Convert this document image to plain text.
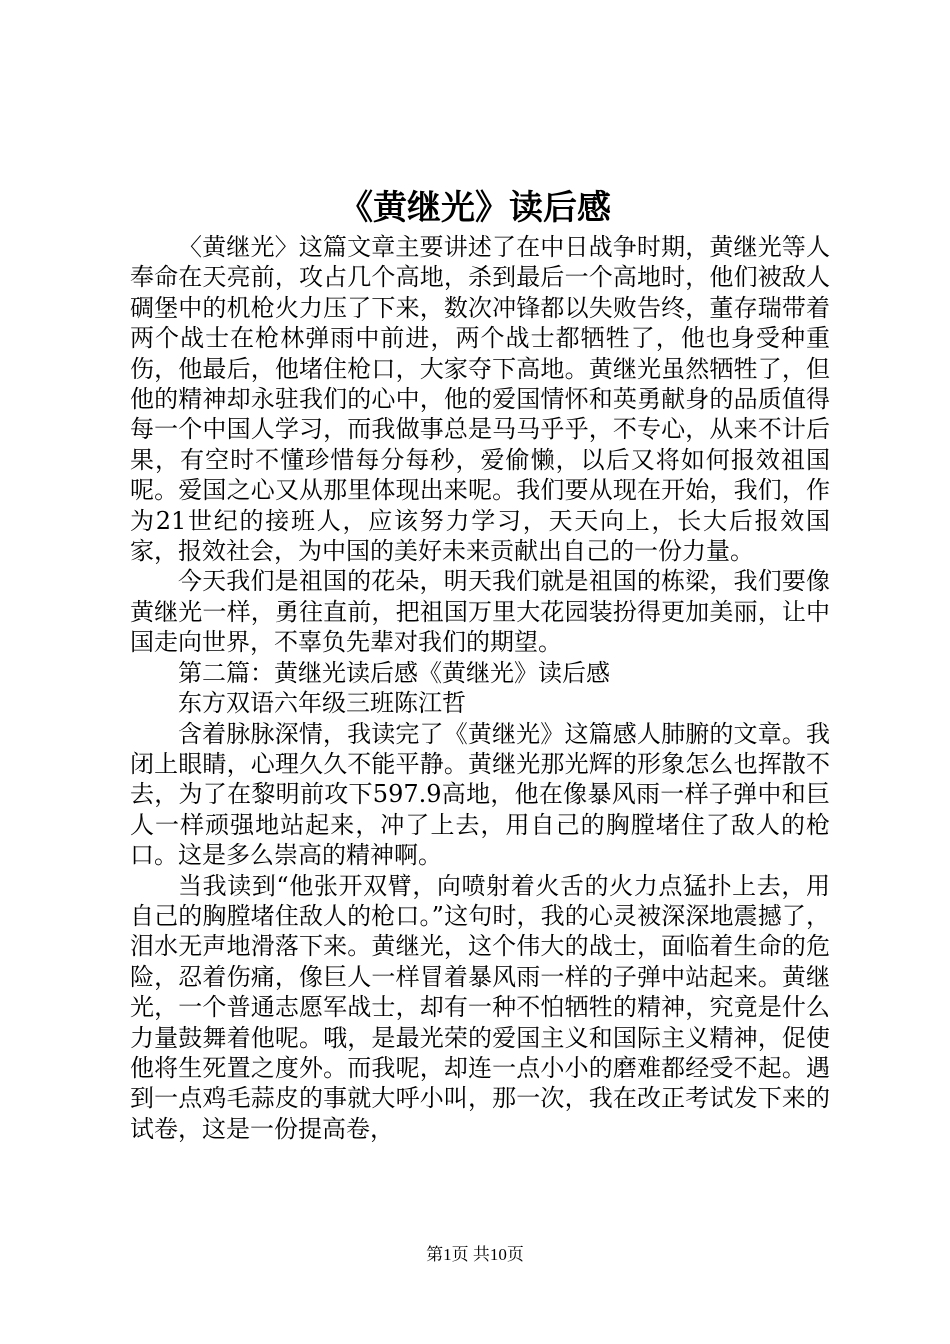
《黄继光》读后感

〈黄继光〉这篇文章主要讲述了在中日战争时期，黄继光等人奉命在天亮前，攻占几个高地，杀到最后一个高地时，他们被敌人碉堡中的机枪火力压了下来，数次冲锋都以失败告终，董存瑞带着两个战士在枪林弹雨中前进，两个战士都牺牲了，他也身受种重伤，他最后，他堵住枪口，大家夺下高地。黄继光虽然牺牲了，但他的精神却永驻我们的心中，他的爱国情怀和英勇献身的品质值得每一个中国人学习，而我做事总是马马乎乎，不专心，从来不计后果，有空时不懂珍惜每分每秒，爱偷懒，以后又将如何报效祖国呢。爱国之心又从那里体现出来呢。我们要从现在开始，我们，作为21世纪的接班人，应该努力学习，天天向上，长大后报效国家，报效社会，为中国的美好未来贡献出自己的一份力量。

今天我们是祖国的花朵，明天我们就是祖国的栋梁，我们要像黄继光一样，勇往直前，把祖国万里大花园装扮得更加美丽，让中国走向世界，不辜负先辈对我们的期望。

第二篇：黄继光读后感《黄继光》读后感

东方双语六年级三班陈江哲

含着脉脉深情，我读完了《黄继光》这篇感人肺腑的文章。我闭上眼睛，心理久久不能平静。黄继光那光辉的形象怎么也挥散不去，为了在黎明前攻下597.9高地，他在像暴风雨一样子弹中和巨人一样顽强地站起来，冲了上去，用自己的胸膛堵住了敌人的枪口。这是多么崇高的精神啊。

当我读到“他张开双臂，向喷射着火舌的火力点猛扑上去，用自己的胸膛堵住敌人的枪口。”这句时，我的心灵被深深地震撼了，泪水无声地滑落下来。黄继光，这个伟大的战士，面临着生命的危险，忍着伤痛，像巨人一样冒着暴风雨一样的子弹中站起来。黄继光，一个普通志愿军战士，却有一种不怕牺牲的精神，究竟是什么力量鼓舞着他呢。哦，是最光荣的爱国主义和国际主义精神，促使他将生死置之度外。而我呢，却连一点小小的磨难都经受不起。遇到一点鸡毛蒜皮的事就大呼小叫，那一次，我在改正考试发下来的试卷，这是一份提高卷，

第1页 共10页
